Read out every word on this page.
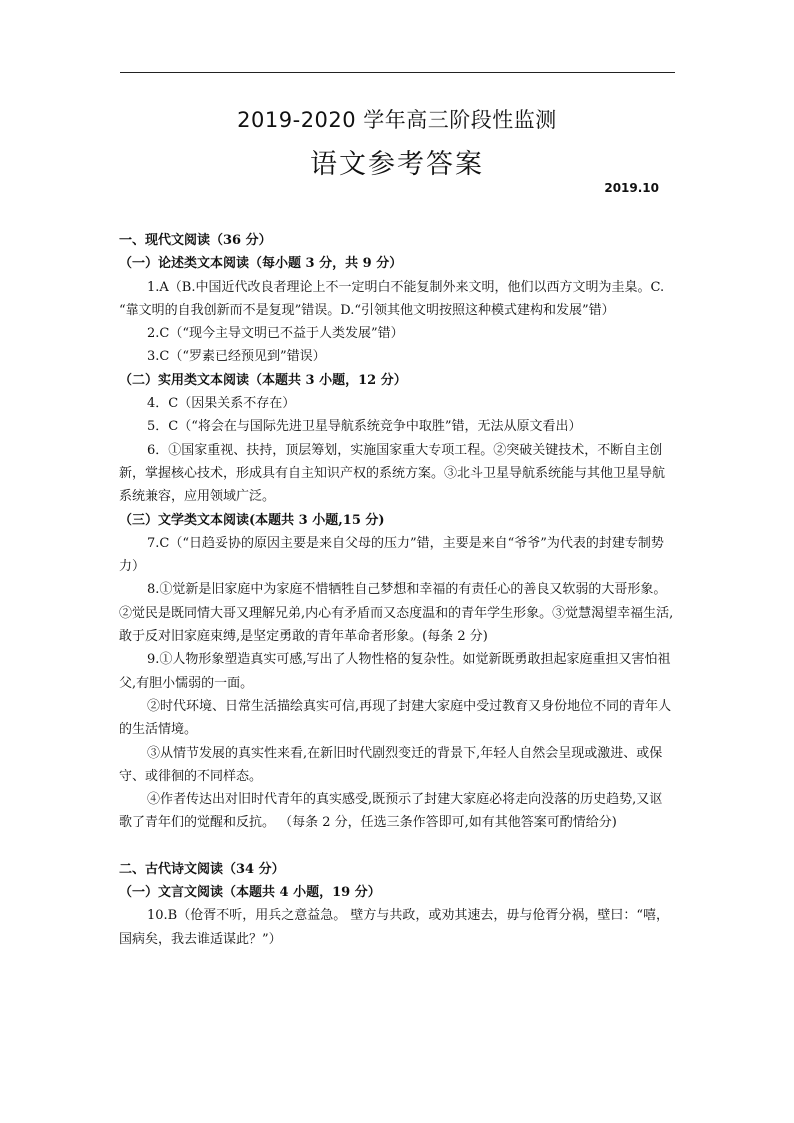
2019-2020 学年高三阶段性监测
语文参考答案
2019.10

一、现代文阅读（36 分）

（一）论述类文本阅读（每小题 3 分，共 9 分）

1.A（B.中国近代改良者理论上不一定明白不能复制外来文明，他们以西方文明为圭臬。C. “靠文明的自我创新而不是复现”错误。D.“引领其他文明按照这种模式建构和发展”错）

2.C（“现今主导文明已不益于人类发展”错）

3.C（“罗素已经预见到”错误）

（二）实用类文本阅读（本题共 3 小题，12 分）

4．C（因果关系不存在）

5．C（“将会在与国际先进卫星导航系统竞争中取胜”错，无法从原文看出）

6．①国家重视、扶持，顶层筹划，实施国家重大专项工程。②突破关键技术，不断自主创新，掌握核心技术，形成具有自主知识产权的系统方案。③北斗卫星导航系统能与其他卫星导航系统兼容，应用领域广泛。

（三）文学类文本阅读(本题共 3 小题,15 分)

7.C（“日趋妥协的原因主要是来自父母的压力”错，主要是来自“爷爷”为代表的封建专制势力）

8.①觉新是旧家庭中为家庭不惜牺牲自己梦想和幸福的有责任心的善良又软弱的大哥形象。②觉民是既同情大哥又理解兄弟,内心有矛盾而又态度温和的青年学生形象。③觉慧渴望幸福生活,敢于反对旧家庭束缚,是坚定勇敢的青年革命者形象。(每条 2 分)

9.①人物形象塑造真实可感,写出了人物性格的复杂性。如觉新既勇敢担起家庭重担又害怕祖父,有胆小懦弱的一面。

②时代环境、日常生活描绘真实可信,再现了封建大家庭中受过教育又身份地位不同的青年人的生活情境。

③从情节发展的真实性来看,在新旧时代剧烈变迁的背景下,年轻人自然会呈现或激进、或保守、或徘徊的不同样态。

④作者传达出对旧时代青年的真实感受,既预示了封建大家庭必将走向没落的历史趋势,又讴歌了青年们的觉醒和反抗。 （每条 2 分，任选三条作答即可,如有其他答案可酌情给分)

二、古代诗文阅读（34 分）

（一）文言文阅读（本题共 4 小题，19 分）

10.B（伧胥不听，用兵之意益急。 壁方与共政，或劝其速去，毋与伧胥分祸，壁曰：“嘻，国病矣，我去谁适谋此？”）
